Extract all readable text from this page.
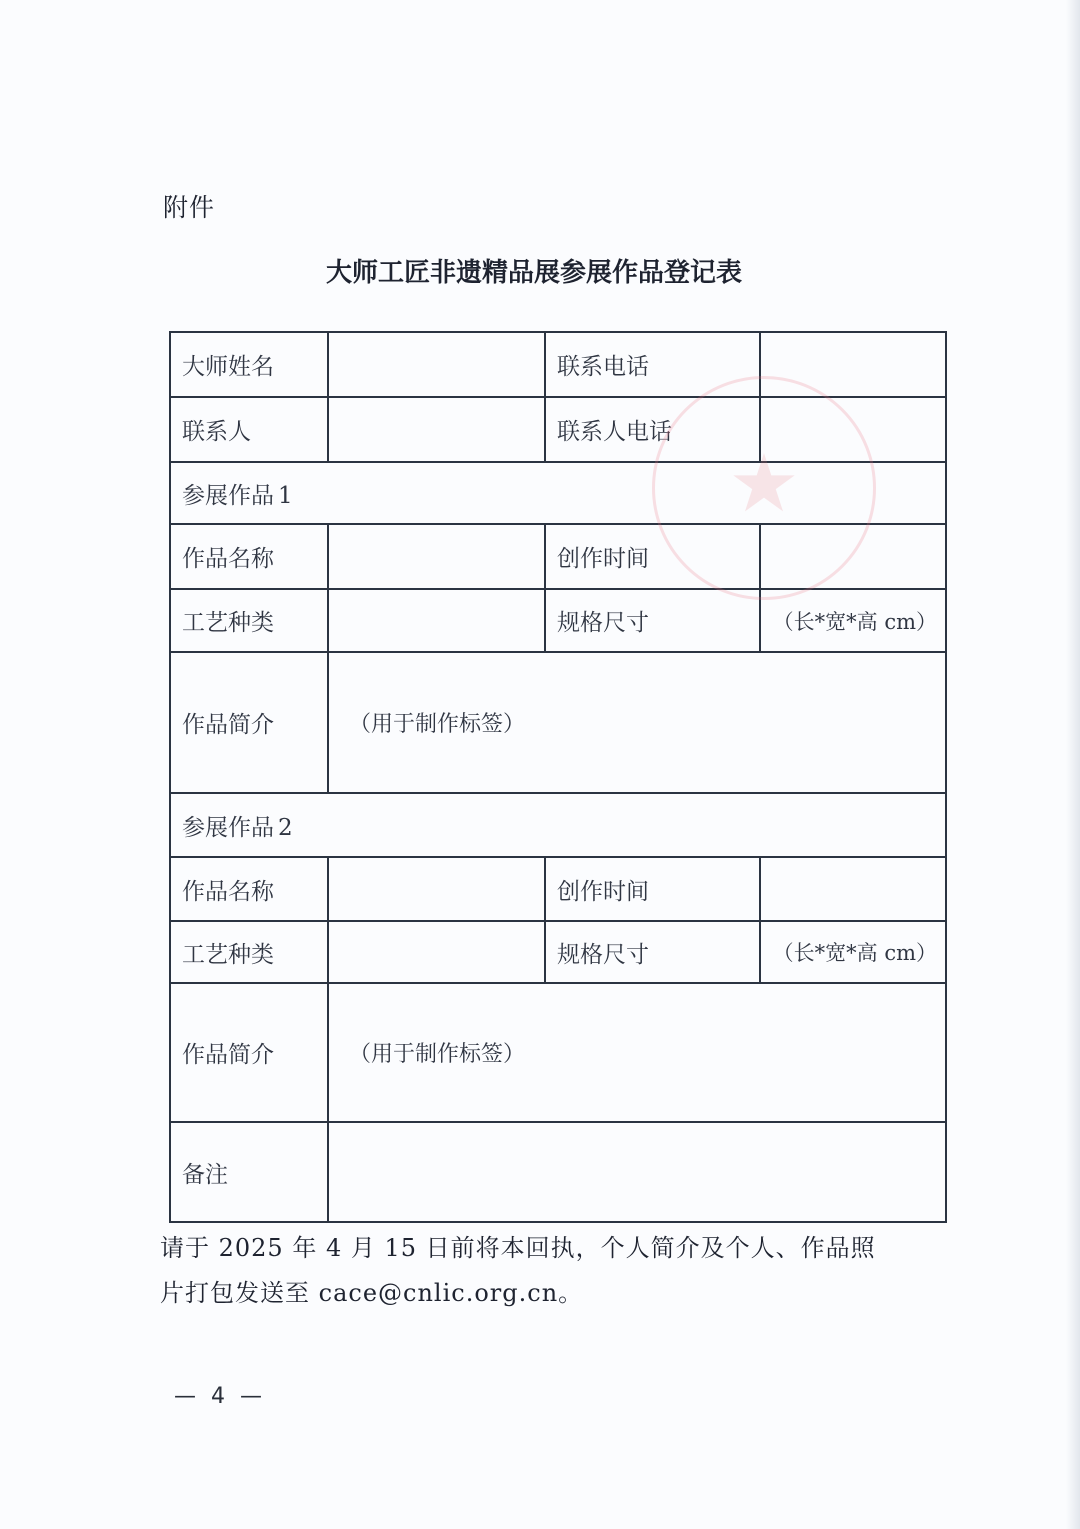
附件
大师工匠非遗精品展参展作品登记表
大师姓名		联系电话	
联系人		联系人电话	
参展作品 1			
作品名称		创作时间	
工艺种类		规格尺寸	（长*宽*高 cm）
作品简介	（用于制作标签）		
参展作品 2			
作品名称		创作时间	
工艺种类		规格尺寸	（长*宽*高 cm）
作品简介	（用于制作标签）		
备注			
★
请于 2025 年 4 月 15 日前将本回执，个人简介及个人、作品照
片打包发送至 cace@cnlic.org.cn。
— 4 —
